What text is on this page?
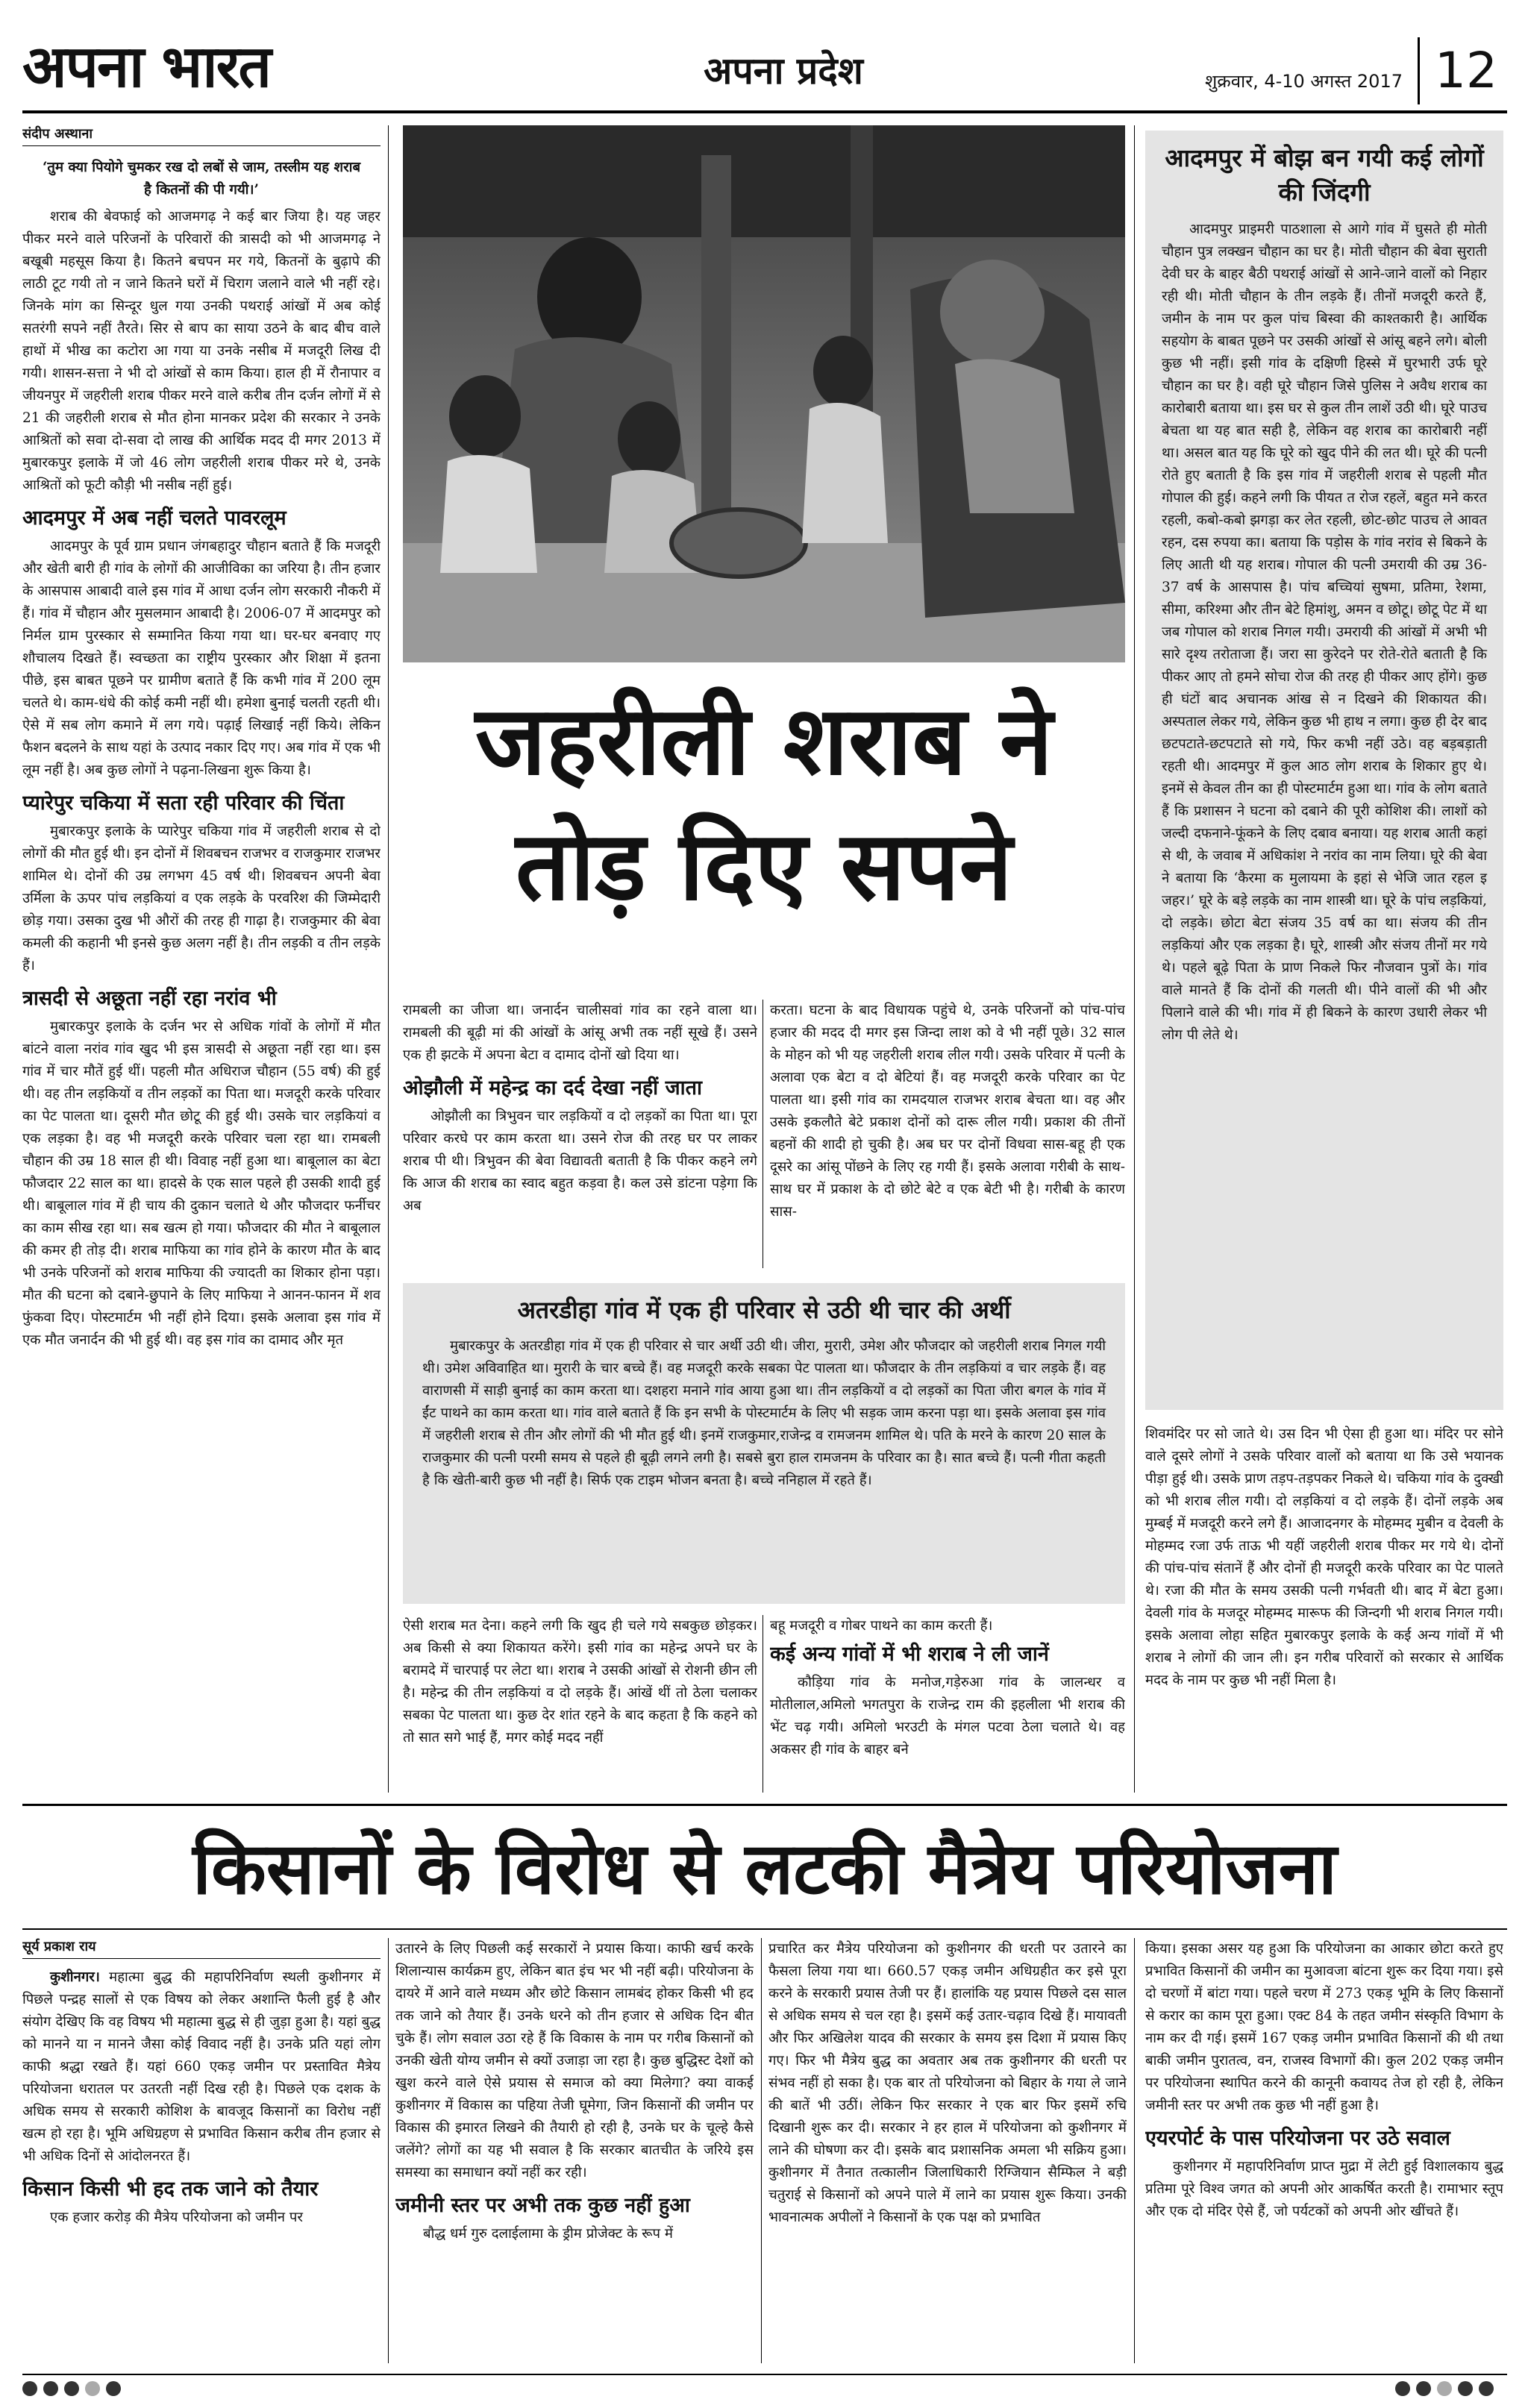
अपना भारत	अपना प्रदेश	शुक्रवार, 4-10 अगस्त 2017 12
संदीप अस्थाना

‘तुम क्या पियोगे चुमकर रख दो लबों से जाम, तस्लीम यह शराब है कितनों की पी गयी।’

शराब की बेवफाई को आजमगढ़ ने कई बार जिया है। यह जहर पीकर मरने वाले परिजनों के परिवारों की त्रासदी को भी आजमगढ़ ने बखूबी महसूस किया है। कितने बचपन मर गये, कितनों के बुढ़ापे की लाठी टूट गयी तो न जाने कितने घरों में चिराग जलाने वाले भी नहीं रहे। जिनके मांग का सिन्दूर धुल गया उनकी पथराई आंखों में अब कोई सतरंगी सपने नहीं तैरते। सिर से बाप का साया उठने के बाद बीच वाले हाथों में भीख का कटोरा आ गया या उनके नसीब में मजदूरी लिख दी गयी। शासन-सत्ता ने भी दो आंखों से काम किया। हाल ही में रौनापार व जीयनपुर में जहरीली शराब पीकर मरने वाले करीब तीन दर्जन लोगों में से 21 की जहरीली शराब से मौत होना मानकर प्रदेश की सरकार ने उनके आश्रितों को सवा दो-सवा दो लाख की आर्थिक मदद दी मगर 2013 में मुबारकपुर इलाके में जो 46 लोग जहरीली शराब पीकर मरे थे, उनके आश्रितों को फूटी कौड़ी भी नसीब नहीं हुई।

आदमपुर में अब नहीं चलते पावरलूम

आदमपुर के पूर्व ग्राम प्रधान जंगबहादुर चौहान बताते हैं कि मजदूरी और खेती बारी ही गांव के लोगों की आजीविका का जरिया है। तीन हजार के आसपास आबादी वाले इस गांव में आधा दर्जन लोग सरकारी नौकरी में हैं। गांव में चौहान और मुसलमान आबादी है। 2006-07 में आदमपुर को निर्मल ग्राम पुरस्कार से सम्मानित किया गया था। घर-घर बनवाए गए शौचालय दिखते हैं। स्वच्छता का राष्ट्रीय पुरस्कार और शिक्षा में इतना पीछे, इस बाबत पूछने पर ग्रामीण बताते हैं कि कभी गांव में 200 लूम चलते थे। काम-धंधे की कोई कमी नहीं थी। हमेशा बुनाई चलती रहती थी। ऐसे में सब लोग कमाने में लग गये। पढ़ाई लिखाई नहीं किये। लेकिन फैशन बदलने के साथ यहां के उत्पाद नकार दिए गए। अब गांव में एक भी लूम नहीं है। अब कुछ लोगों ने पढ़ना-लिखना शुरू किया है।

प्यारेपुर चकिया में सता रही परिवार की चिंता

मुबारकपुर इलाके के प्यारेपुर चकिया गांव में जहरीली शराब से दो लोगों की मौत हुई थी। इन दोनों में शिवबचन राजभर व राजकुमार राजभर शामिल थे। दोनों की उम्र लगभग 45 वर्ष थी। शिवबचन अपनी बेवा उर्मिला के ऊपर पांच लड़कियां व एक लड़के के परवरिश की जिम्मेदारी छोड़ गया। उसका दुख भी औरों की तरह ही गाढ़ा है। राजकुमार की बेवा कमली की कहानी भी इनसे कुछ अलग नहीं है। तीन लड़की व तीन लड़के हैं।

त्रासदी से अछूता नहीं रहा नरांव भी

मुबारकपुर इलाके के दर्जन भर से अधिक गांवों के लोगों में मौत बांटने वाला नरांव गांव खुद भी इस त्रासदी से अछूता नहीं रहा था। इस गांव में चार मौतें हुई थीं। पहली मौत अधिराज चौहान (55 वर्ष) की हुई थी। वह तीन लड़कियों व तीन लड़कों का पिता था। मजदूरी करके परिवार का पेट पालता था। दूसरी मौत छोटू की हुई थी। उसके चार लड़कियां व एक लड़का है। वह भी मजदूरी करके परिवार चला रहा था। रामबली चौहान की उम्र 18 साल ही थी। विवाह नहीं हुआ था। बाबूलाल का बेटा फौजदार 22 साल का था। हादसे के एक साल पहले ही उसकी शादी हुई थी। बाबूलाल गांव में ही चाय की दुकान चलाते थे और फौजदार फर्नीचर का काम सीख रहा था। सब खत्म हो गया। फौजदार की मौत ने बाबूलाल की कमर ही तोड़ दी। शराब माफिया का गांव होने के कारण मौत के बाद भी उनके परिजनों को शराब माफिया की ज्यादती का शिकार होना पड़ा। मौत की घटना को दबाने-छुपाने के लिए माफिया ने आनन-फानन में शव फुंकवा दिए। पोस्टमार्टम भी नहीं होने दिया। इसके अलावा इस गांव में एक मौत जनार्दन की भी हुई थी। वह इस गांव का दामाद और मृत

जहरीली शराब ने
तोड़ दिए सपने

रामबली का जीजा था। जनार्दन चालीसवां गांव का रहने वाला था। रामबली की बूढ़ी मां की आंखों के आंसू अभी तक नहीं सूखे हैं। उसने एक ही झटके में अपना बेटा व दामाद दोनों खो दिया था।

ओझौली में महेन्द्र का दर्द देखा नहीं जाता

ओझौली का त्रिभुवन चार लड़कियों व दो लड़कों का पिता था। पूरा परिवार करघे पर काम करता था। उसने रोज की तरह घर पर लाकर शराब पी थी। त्रिभुवन की बेवा विद्यावती बताती है कि पीकर कहने लगे कि आज की शराब का स्वाद बहुत कड़वा है। कल उसे डांटना पड़ेगा कि अब

करता। घटना के बाद विधायक पहुंचे थे, उनके परिजनों को पांच-पांच हजार की मदद दी मगर इस जिन्दा लाश को वे भी नहीं पूछे। 32 साल के मोहन को भी यह जहरीली शराब लील गयी। उसके परिवार में पत्नी के अलावा एक बेटा व दो बेटियां हैं। वह मजदूरी करके परिवार का पेट पालता था। इसी गांव का रामदयाल राजभर शराब बेचता था। वह और उसके इकलौते बेटे प्रकाश दोनों को दारू लील गयी। प्रकाश की तीनों बहनों की शादी हो चुकी है। अब घर पर दोनों विधवा सास-बहू ही एक दूसरे का आंसू पोंछने के लिए रह गयी हैं। इसके अलावा गरीबी के साथ-साथ घर में प्रकाश के दो छोटे बेटे व एक बेटी भी है। गरीबी के कारण सास-

अतरडीहा गांव में एक ही परिवार से उठी थी चार की अर्थी

मुबारकपुर के अतरडीहा गांव में एक ही परिवार से चार अर्थी उठी थी। जीरा, मुरारी, उमेश और फौजदार को जहरीली शराब निगल गयी थी। उमेश अविवाहित था। मुरारी के चार बच्चे हैं। वह मजदूरी करके सबका पेट पालता था। फौजदार के तीन लड़कियां व चार लड़के हैं। वह वाराणसी में साड़ी बुनाई का काम करता था। दशहरा मनाने गांव आया हुआ था। तीन लड़कियों व दो लड़कों का पिता जीरा बगल के गांव में ईंट पाथने का काम करता था। गांव वाले बताते हैं कि इन सभी के पोस्टमार्टम के लिए भी सड़क जाम करना पड़ा था। इसके अलावा इस गांव में जहरीली शराब से तीन और लोगों की भी मौत हुई थी। इनमें राजकुमार,राजेन्द्र व रामजनम शामिल थे। पति के मरने के कारण 20 साल के राजकुमार की पत्नी परमी समय से पहले ही बूढ़ी लगने लगी है। सबसे बुरा हाल रामजनम के परिवार का है। सात बच्चे हैं। पत्नी गीता कहती है कि खेती-बारी कुछ भी नहीं है। सिर्फ एक टाइम भोजन बनता है। बच्चे ननिहाल में रहते हैं।

ऐसी शराब मत देना। कहने लगी कि खुद ही चले गये सबकुछ छोड़कर। अब किसी से क्या शिकायत करेंगे। इसी गांव का महेन्द्र अपने घर के बरामदे में चारपाई पर लेटा था। शराब ने उसकी आंखों से रोशनी छीन ली है। महेन्द्र की तीन लड़कियां व दो लड़के हैं। आंखें थीं तो ठेला चलाकर सबका पेट पालता था। कुछ देर शांत रहने के बाद कहता है कि कहने को तो सात सगे भाई हैं, मगर कोई मदद नहीं

बहू मजदूरी व गोबर पाथने का काम करती हैं।

कई अन्य गांवों में भी शराब ने ली जानें

कौड़िया गांव के मनोज,गड़ेरुआ गांव के जालन्धर व मोतीलाल,अमिलो भगतपुरा के राजेन्द्र राम की इहलीला भी शराब की भेंट चढ़ गयी। अमिलो भरउटी के मंगल पटवा ठेला चलाते थे। वह अकसर ही गांव के बाहर बने

आदमपुर में बोझ बन गयी कई लोगों की जिंदगी

आदमपुर प्राइमरी पाठशाला से आगे गांव में घुसते ही मोती चौहान पुत्र लक्खन चौहान का घर है। मोती चौहान की बेवा सुराती देवी घर के बाहर बैठी पथराई आंखों से आने-जाने वालों को निहार रही थी। मोती चौहान के तीन लड़के हैं। तीनों मजदूरी करते हैं, जमीन के नाम पर कुल पांच बिस्वा की काश्तकारी है। आर्थिक सहयोग के बाबत पूछने पर उसकी आंखों से आंसू बहने लगे। बोली कुछ भी नहीं। इसी गांव के दक्षिणी हिस्से में घुरभारी उर्फ घूरे चौहान का घर है। वही घूरे चौहान जिसे पुलिस ने अवैध शराब का कारोबारी बताया था। इस घर से कुल तीन लाशें उठी थी। घूरे पाउच बेचता था यह बात सही है, लेकिन वह शराब का कारोबारी नहीं था। असल बात यह कि घूरे को खुद पीने की लत थी। घूरे की पत्नी रोते हुए बताती है कि इस गांव में जहरीली शराब से पहली मौत गोपाल की हुई। कहने लगी कि पीयत त रोज रहलें, बहुत मने करत रहली, कबो-कबो झगड़ा कर लेत रहली, छोट-छोट पाउच ले आवत रहन, दस रुपया का। बताया कि पड़ोस के गांव नरांव से बिकने के लिए आती थी यह शराब। गोपाल की पत्नी उमरायी की उम्र 36-37 वर्ष के आसपास है। पांच बच्चियां सुषमा, प्रतिमा, रेशमा, सीमा, करिश्मा और तीन बेटे हिमांशु, अमन व छोटू। छोटू पेट में था जब गोपाल को शराब निगल गयी। उमरायी की आंखों में अभी भी सारे दृश्य तरोताजा हैं। जरा सा कुरेदने पर रोते-रोते बताती है कि पीकर आए तो हमने सोचा रोज की तरह ही पीकर आए होंगे। कुछ ही घंटों बाद अचानक आंख से न दिखने की शिकायत की। अस्पताल लेकर गये, लेकिन कुछ भी हाथ न लगा। कुछ ही देर बाद छटपटाते-छटपटाते सो गये, फिर कभी नहीं उठे। वह बड़बड़ाती रहती थी। आदमपुर में कुल आठ लोग शराब के शिकार हुए थे। इनमें से केवल तीन का ही पोस्टमार्टम हुआ था। गांव के लोग बताते हैं कि प्रशासन ने घटना को दबाने की पूरी कोशिश की। लाशों को जल्दी दफनाने-फूंकने के लिए दबाव बनाया। यह शराब आती कहां से थी, के जवाब में अधिकांश ने नरांव का नाम लिया। घूरे की बेवा ने बताया कि ‘कैरमा क मुलायमा के इहां से भेजि जात रहल इ जहर।’ घूरे के बड़े लड़के का नाम शास्त्री था। घूरे के पांच लड़कियां, दो लड़के। छोटा बेटा संजय 35 वर्ष का था। संजय की तीन लड़कियां और एक लड़का है। घूरे, शास्त्री और संजय तीनों मर गये थे। पहले बूढ़े पिता के प्राण निकले फिर नौजवान पुत्रों के। गांव वाले मानते हैं कि दोनों की गलती थी। पीने वालों की भी और पिलाने वाले की भी। गांव में ही बिकने के कारण उधारी लेकर भी लोग पी लेते थे।

शिवमंदिर पर सो जाते थे। उस दिन भी ऐसा ही हुआ था। मंदिर पर सोने वाले दूसरे लोगों ने उसके परिवार वालों को बताया था कि उसे भयानक पीड़ा हुई थी। उसके प्राण तड़प-तड़पकर निकले थे। चकिया गांव के दुक्खी को भी शराब लील गयी। दो लड़कियां व दो लड़के हैं। दोनों लड़के अब मुम्बई में मजदूरी करने लगे हैं। आजादनगर के मोहम्मद मुबीन व देवली के मोहम्मद रजा उर्फ ताऊ भी यहीं जहरीली शराब पीकर मर गये थे। दोनों की पांच-पांच संतानें हैं और दोनों ही मजदूरी करके परिवार का पेट पालते थे। रजा की मौत के समय उसकी पत्नी गर्भवती थी। बाद में बेटा हुआ। देवली गांव के मजदूर मोहम्मद मारूफ की जिन्दगी भी शराब निगल गयी। इसके अलावा लोहा सहित मुबारकपुर इलाके के कई अन्य गांवों में भी शराब ने लोगों की जान ली। इन गरीब परिवारों को सरकार से आर्थिक मदद के नाम पर कुछ भी नहीं मिला है।

किसानों के विरोध से लटकी मैत्रेय परियोजना
सूर्य प्रकाश राय

कुशीनगर। महात्मा बुद्ध की महापरिनिर्वाण स्थली कुशीनगर में पिछले पन्द्रह सालों से एक विषय को लेकर अशान्ति फैली हुई है और संयोग देखिए कि वह विषय भी महात्मा बुद्ध से ही जुड़ा हुआ है। यहां बुद्ध को मानने या न मानने जैसा कोई विवाद नहीं है। उनके प्रति यहां लोग काफी श्रद्धा रखते हैं। यहां 660 एकड़ जमीन पर प्रस्तावित मैत्रेय परियोजना धरातल पर उतरती नहीं दिख रही है। पिछले एक दशक के अधिक समय से सरकारी कोशिश के बावजूद किसानों का विरोध नहीं खत्म हो रहा है। भूमि अधिग्रहण से प्रभावित किसान करीब तीन हजार से भी अधिक दिनों से आंदोलनरत हैं।

किसान किसी भी हद तक जाने को तैयार

एक हजार करोड़ की मैत्रेय परियोजना को जमीन पर

उतारने के लिए पिछली कई सरकारों ने प्रयास किया। काफी खर्च करके शिलान्यास कार्यक्रम हुए, लेकिन बात इंच भर भी नहीं बढ़ी। परियोजना के दायरे में आने वाले मध्यम और छोटे किसान लामबंद होकर किसी भी हद तक जाने को तैयार हैं। उनके धरने को तीन हजार से अधिक दिन बीत चुके हैं। लोग सवाल उठा रहे हैं कि विकास के नाम पर गरीब किसानों को उनकी खेती योग्य जमीन से क्यों उजाड़ा जा रहा है। कुछ बुद्धिस्ट देशों को खुश करने वाले ऐसे प्रयास से समाज को क्या मिलेगा? क्या वाकई कुशीनगर में विकास का पहिया तेजी घूमेगा, जिन किसानों की जमीन पर विकास की इमारत लिखने की तैयारी हो रही है, उनके घर के चूल्हे कैसे जलेंगे? लोगों का यह भी सवाल है कि सरकार बातचीत के जरिये इस समस्या का समाधान क्यों नहीं कर रही।

जमीनी स्तर पर अभी तक कुछ नहीं हुआ

बौद्ध धर्म गुरु दलाईलामा के ड्रीम प्रोजेक्ट के रूप में

प्रचारित कर मैत्रेय परियोजना को कुशीनगर की धरती पर उतारने का फैसला लिया गया था। 660.57 एकड़ जमीन अधिग्रहीत कर इसे पूरा करने के सरकारी प्रयास तेजी पर हैं। हालांकि यह प्रयास पिछले दस साल से अधिक समय से चल रहा है। इसमें कई उतार-चढ़ाव दिखे हैं। मायावती और फिर अखिलेश यादव की सरकार के समय इस दिशा में प्रयास किए गए। फिर भी मैत्रेय बुद्ध का अवतार अब तक कुशीनगर की धरती पर संभव नहीं हो सका है। एक बार तो परियोजना को बिहार के गया ले जाने की बातें भी उठीं। लेकिन फिर सरकार ने एक बार फिर इसमें रुचि दिखानी शुरू कर दी। सरकार ने हर हाल में परियोजना को कुशीनगर में लाने की घोषणा कर दी। इसके बाद प्रशासनिक अमला भी सक्रिय हुआ। कुशीनगर में तैनात तत्कालीन जिलाधिकारी रिग्जियान सैम्फिल ने बड़ी चतुराई से किसानों को अपने पाले में लाने का प्रयास शुरू किया। उनकी भावनात्मक अपीलों ने किसानों के एक पक्ष को प्रभावित

किया। इसका असर यह हुआ कि परियोजना का आकार छोटा करते हुए प्रभावित किसानों की जमीन का मुआवजा बांटना शुरू कर दिया गया। इसे दो चरणों में बांटा गया। पहले चरण में 273 एकड़ भूमि के लिए किसानों से करार का काम पूरा हुआ। एक्ट 84 के तहत जमीन संस्कृति विभाग के नाम कर दी गई। इसमें 167 एकड़ जमीन प्रभावित किसानों की थी तथा बाकी जमीन पुरातत्व, वन, राजस्व विभागों की। कुल 202 एकड़ जमीन पर परियोजना स्थापित करने की कानूनी कवायद तेज हो रही है, लेकिन जमीनी स्तर पर अभी तक कुछ भी नहीं हुआ है।

एयरपोर्ट के पास परियोजना पर उठे सवाल

कुशीनगर में महापरिनिर्वाण प्राप्त मुद्रा में लेटी हुई विशालकाय बुद्ध प्रतिमा पूरे विश्व जगत को अपनी ओर आकर्षित करती है। रामाभार स्तूप और एक दो मंदिर ऐसे हैं, जो पर्यटकों को अपनी ओर खींचते हैं।
